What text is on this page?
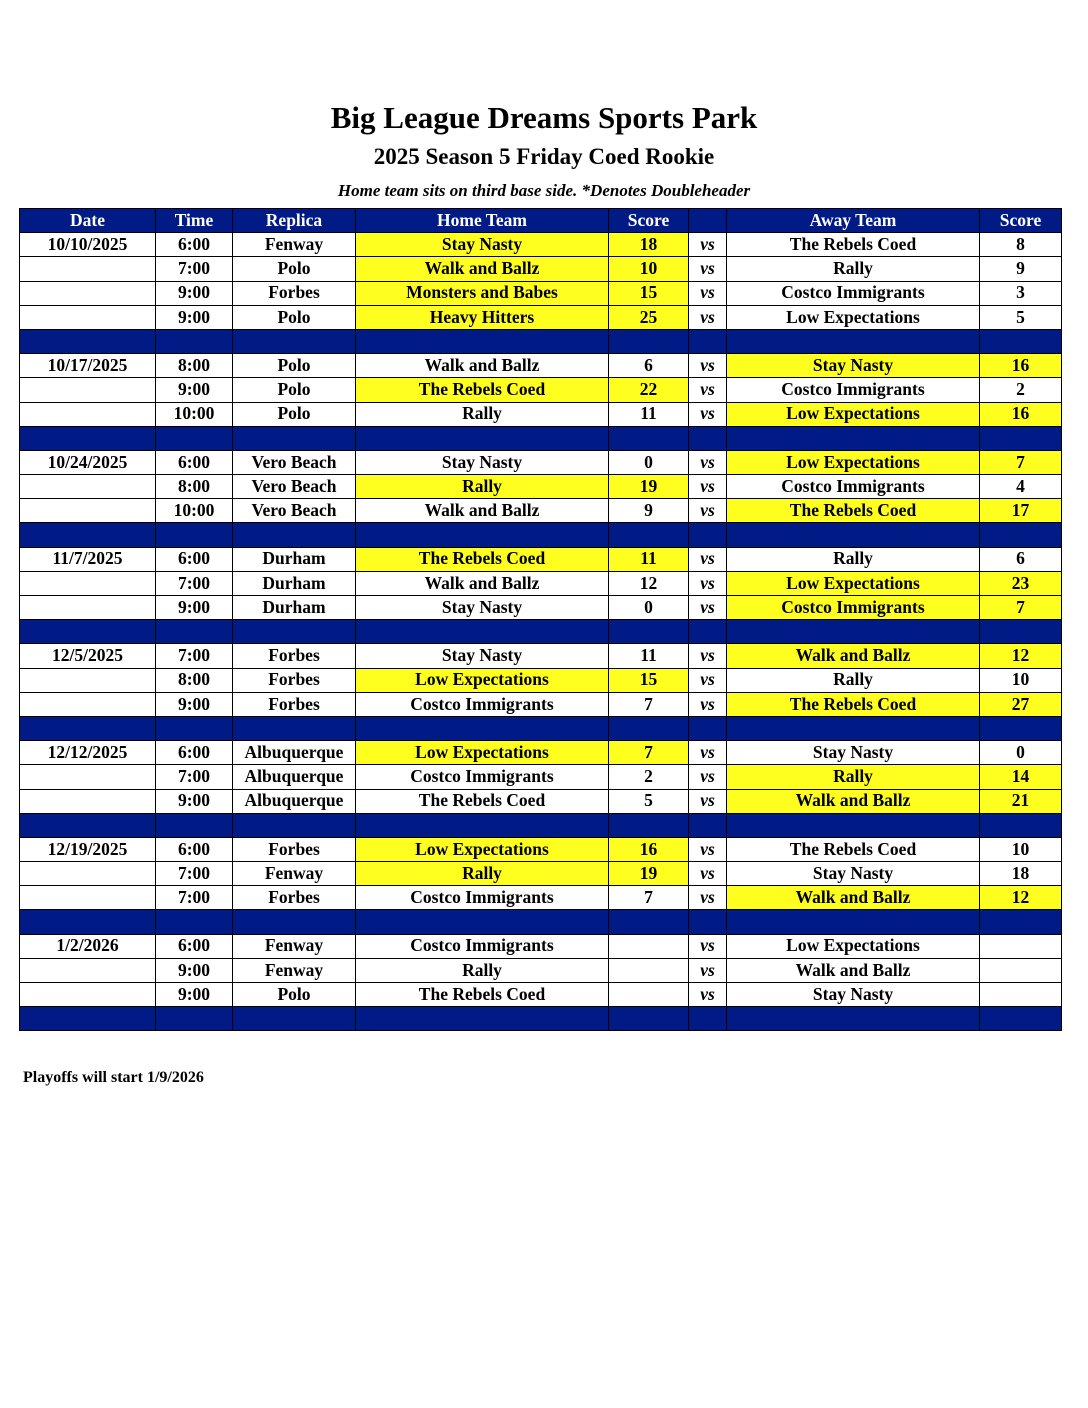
Big League Dreams Sports Park
2025 Season 5 Friday Coed Rookie
Home team sits on third base side. *Denotes Doubleheader
Date	Time	Replica	Home Team	Score		Away Team	Score
10/10/2025	6:00	Fenway	Stay Nasty	18	vs	The Rebels Coed	8
	7:00	Polo	Walk and Ballz	10	vs	Rally	9
	9:00	Forbes	Monsters and Babes	15	vs	Costco Immigrants	3
	9:00	Polo	Heavy Hitters	25	vs	Low Expectations	5

10/17/2025	8:00	Polo	Walk and Ballz	6	vs	Stay Nasty	16
	9:00	Polo	The Rebels Coed	22	vs	Costco Immigrants	2
	10:00	Polo	Rally	11	vs	Low Expectations	16

10/24/2025	6:00	Vero Beach	Stay Nasty	0	vs	Low Expectations	7
	8:00	Vero Beach	Rally	19	vs	Costco Immigrants	4
	10:00	Vero Beach	Walk and Ballz	9	vs	The Rebels Coed	17

11/7/2025	6:00	Durham	The Rebels Coed	11	vs	Rally	6
	7:00	Durham	Walk and Ballz	12	vs	Low Expectations	23
	9:00	Durham	Stay Nasty	0	vs	Costco Immigrants	7

12/5/2025	7:00	Forbes	Stay Nasty	11	vs	Walk and Ballz	12
	8:00	Forbes	Low Expectations	15	vs	Rally	10
	9:00	Forbes	Costco Immigrants	7	vs	The Rebels Coed	27

12/12/2025	6:00	Albuquerque	Low Expectations	7	vs	Stay Nasty	0
	7:00	Albuquerque	Costco Immigrants	2	vs	Rally	14
	9:00	Albuquerque	The Rebels Coed	5	vs	Walk and Ballz	21

12/19/2025	6:00	Forbes	Low Expectations	16	vs	The Rebels Coed	10
	7:00	Fenway	Rally	19	vs	Stay Nasty	18
	7:00	Forbes	Costco Immigrants	7	vs	Walk and Ballz	12

1/2/2026	6:00	Fenway	Costco Immigrants		vs	Low Expectations	
	9:00	Fenway	Rally		vs	Walk and Ballz	
	9:00	Polo	The Rebels Coed		vs	Stay Nasty	

Playoffs will start 1/9/2026
